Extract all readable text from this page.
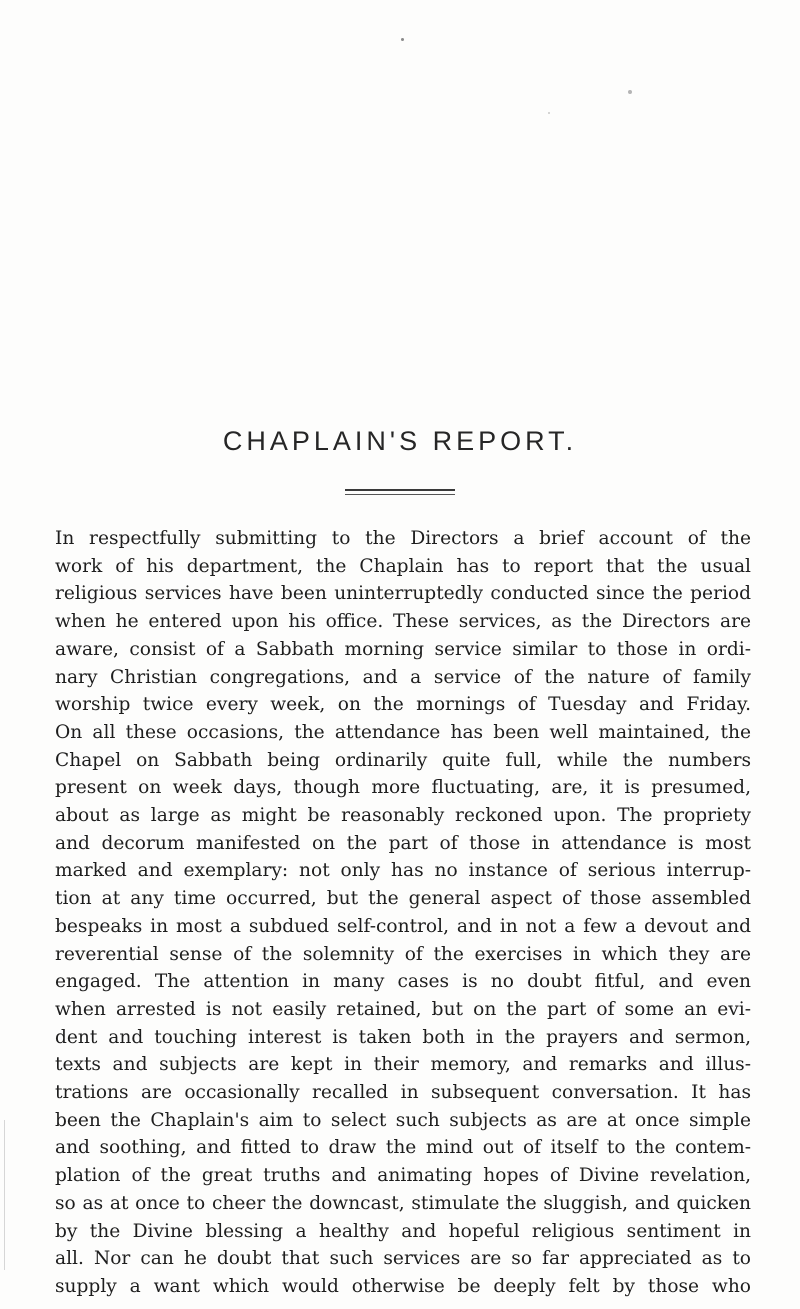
CHAPLAIN'S REPORT.
In respectfully submitting to the Directors a brief account of the
work of his department, the Chaplain has to report that the usual
religious services have been uninterruptedly conducted since the period
when he entered upon his office. These services, as the Directors are
aware, consist of a Sabbath morning service similar to those in ordi-
nary Christian congregations, and a service of the nature of family
worship twice every week, on the mornings of Tuesday and Friday.
On all these occasions, the attendance has been well maintained, the
Chapel on Sabbath being ordinarily quite full, while the numbers
present on week days, though more fluctuating, are, it is presumed,
about as large as might be reasonably reckoned upon. The propriety
and decorum manifested on the part of those in attendance is most
marked and exemplary: not only has no instance of serious interrup-
tion at any time occurred, but the general aspect of those assembled
bespeaks in most a subdued self-control, and in not a few a devout and
reverential sense of the solemnity of the exercises in which they are
engaged. The attention in many cases is no doubt fitful, and even
when arrested is not easily retained, but on the part of some an evi-
dent and touching interest is taken both in the prayers and sermon,
texts and subjects are kept in their memory, and remarks and illus-
trations are occasionally recalled in subsequent conversation. It has
been the Chaplain's aim to select such subjects as are at once simple
and soothing, and fitted to draw the mind out of itself to the contem-
plation of the great truths and animating hopes of Divine revelation,
so as at once to cheer the downcast, stimulate the sluggish, and quicken
by the Divine blessing a healthy and hopeful religious sentiment in
all. Nor can he doubt that such services are so far appreciated as to
supply a want which would otherwise be deeply felt by those who
